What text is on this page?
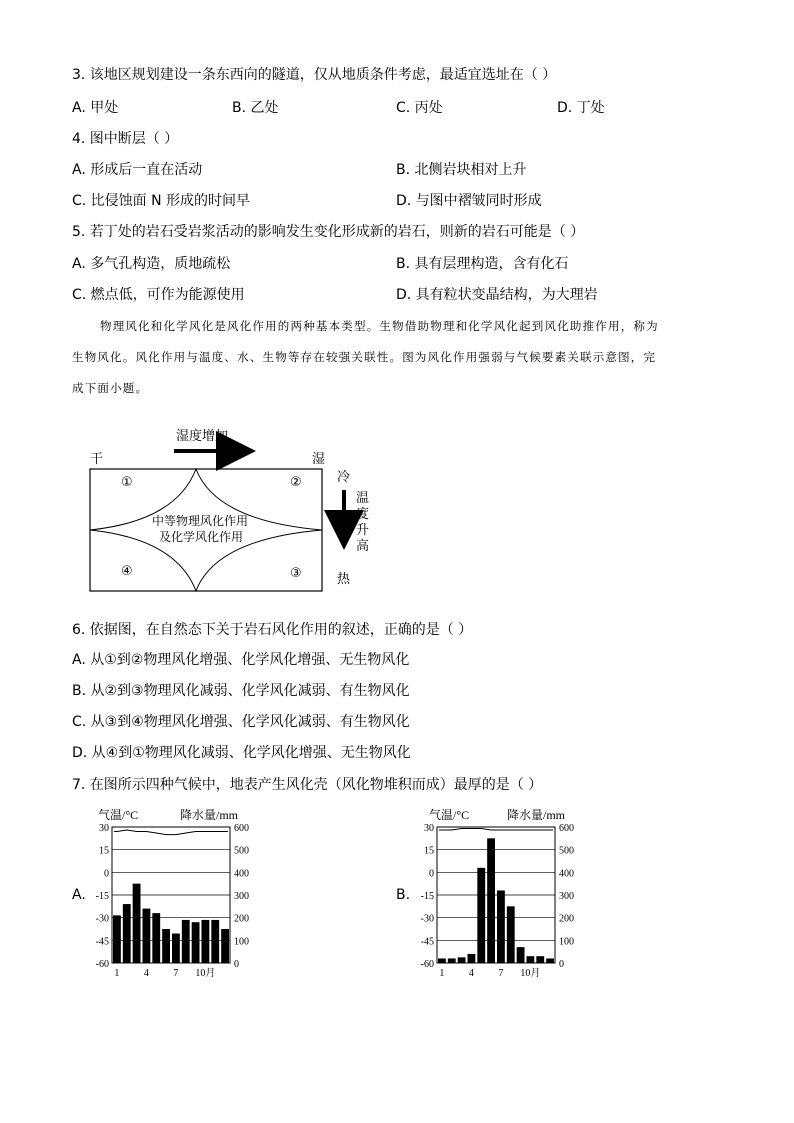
3. 该地区规划建设一条东西向的隧道，仅从地质条件考虑，最适宜选址在（ ）
A. 甲处	B. 乙处	C. 丙处	D. 丁处
4. 图中断层（ ）
A. 形成后一直在活动	B. 北侧岩块相对上升
C. 比侵蚀面 N 形成的时间早	D. 与图中褶皱同时形成
5. 若丁处的岩石受岩浆活动的影响发生变化形成新的岩石，则新的岩石可能是（ ）
A. 多气孔构造，质地疏松	B. 具有层理构造，含有化石
C. 燃点低，可作为能源使用	D. 具有粒状变晶结构，为大理岩
物理风化和化学风化是风化作用的两种基本类型。生物借助物理和化学风化起到风化助推作用，称为
生物风化。风化作用与温度、水、生物等存在较强关联性。图为风化作用强弱与气候要素关联示意图，完
成下面小题。
湿度增加
干	湿
①	②
③
④
中等物理风化作用
及化学风化作用
冷
温
度
升
高
热
6. 依据图，在自然态下关于岩石风化作用的叙述，正确的是（ ）
A. 从①到②物理风化增强、化学风化增强、无生物风化
B. 从②到③物理风化减弱、化学风化减弱、有生物风化
C. 从③到④物理风化增强、化学风化减弱、有生物风化
D. 从④到①物理风化减弱、化学风化增强、无生物风化
7. 在图所示四种气候中，地表产生风化壳（风化物堆积而成）最厚的是（ ）
A.	B.
气温/°C	降水量/mm
30
15
0
-15
-30
-45
-60
600
500
400
300
200
100
0
1 4 7 10月
气温/°C	降水量/mm
30
15
0
-15
-30
-45
-60
600
500
400
300
200
100
0
1 4 7 10月
